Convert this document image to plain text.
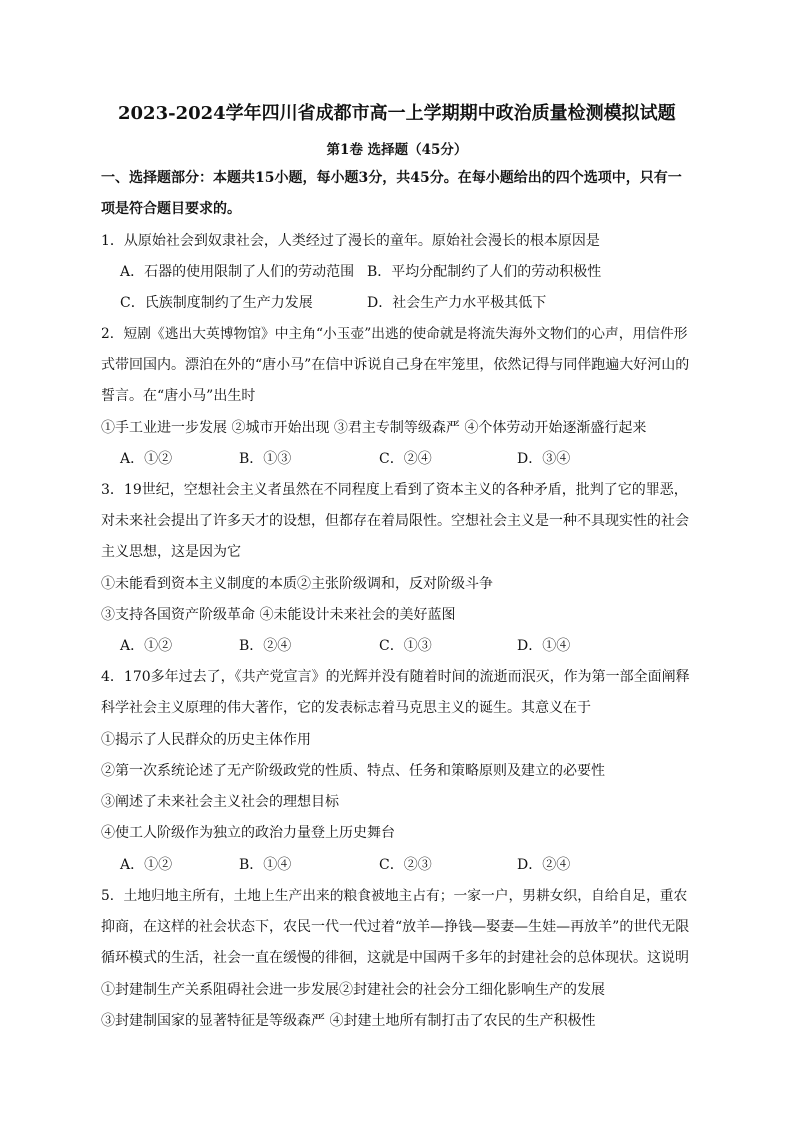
2023-2024学年四川省成都市高一上学期期中政治质量检测模拟试题
第1卷 选择题（45分）
一、选择题部分：本题共15小题，每小题3分，共45分。在每小题给出的四个选项中，只有一
项是符合题目要求的。
1．从原始社会到奴隶社会，人类经过了漫长的童年。原始社会漫长的根本原因是
A．石器的使用限制了人们的劳动范围 B．平均分配制约了人们的劳动积极性
C．氏族制度制约了生产力发展	D．社会生产力水平极其低下
2．短剧《逃出大英博物馆》中主角“小玉壶”出逃的使命就是将流失海外文物们的心声，用信件形
式带回国内。漂泊在外的“唐小马”在信中诉说自己身在牢笼里，依然记得与同伴跑遍大好河山的
誓言。在“唐小马”出生时
①手工业进一步发展 ②城市开始出现 ③君主专制等级森严 ④个体劳动开始逐渐盛行起来
A．①②	B．①③	C．②④	D．③④
3．19世纪，空想社会主义者虽然在不同程度上看到了资本主义的各种矛盾，批判了它的罪恶，
对未来社会提出了许多天才的设想，但都存在着局限性。空想社会主义是一种不具现实性的社会
主义思想，这是因为它
①未能看到资本主义制度的本质②主张阶级调和，反对阶级斗争
③支持各国资产阶级革命 ④未能设计未来社会的美好蓝图
A．①②	B．②④	C．①③	D．①④
4．170多年过去了，《共产党宣言》的光辉并没有随着时间的流逝而泯灭，作为第一部全面阐释
科学社会主义原理的伟大著作，它的发表标志着马克思主义的诞生。其意义在于
①揭示了人民群众的历史主体作用
②第一次系统论述了无产阶级政党的性质、特点、任务和策略原则及建立的必要性
③阐述了未来社会主义社会的理想目标
④使工人阶级作为独立的政治力量登上历史舞台
A．①②	B．①④	C．②③	D．②④
5．土地归地主所有，土地上生产出来的粮食被地主占有；一家一户，男耕女织，自给自足，重农
抑商，在这样的社会状态下，农民一代一代过着“放羊—挣钱—娶妻—生娃—再放羊”的世代无限
循环模式的生活，社会一直在缓慢的徘徊，这就是中国两千多年的封建社会的总体现状。这说明
①封建制生产关系阻碍社会进一步发展②封建社会的社会分工细化影响生产的发展
③封建制国家的显著特征是等级森严 ④封建土地所有制打击了农民的生产积极性
